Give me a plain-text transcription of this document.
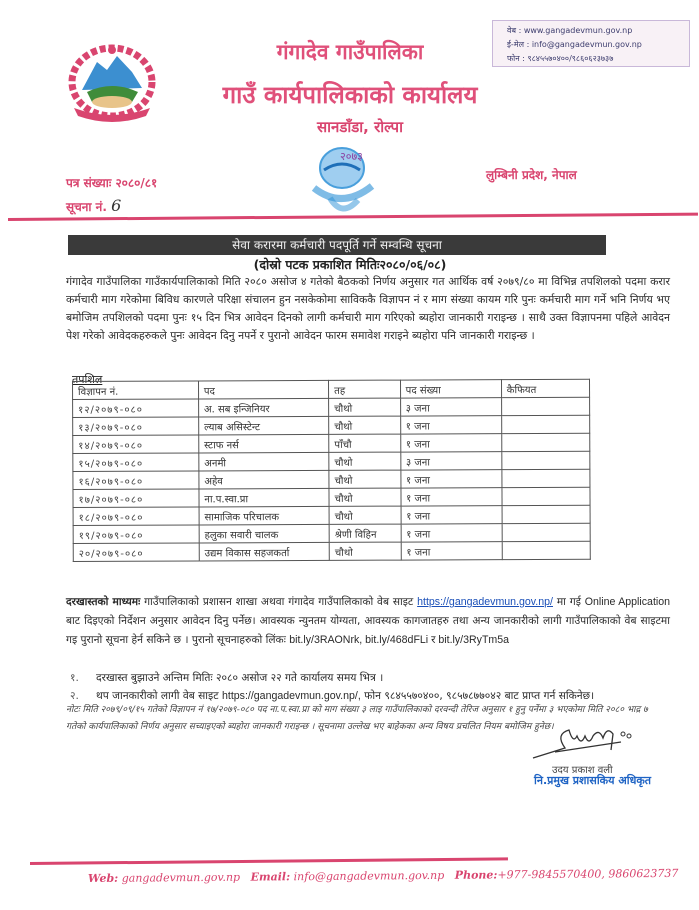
गंगादेव गाउँपालिका
गाउँ कार्यपालिकाको कार्यालय
सानडाँडा, रोल्पा
वेब : www.gangadevmun.gov.np
ई-मेल : info@gangadevmun.gov.np
फोन : ९८४५५७०४००/९८६०६२३७३७
२०७३
लुम्बिनी प्रदेश, नेपाल
पत्र संख्याः २०८०/८१
सूचना नं. 6
सेवा करारमा कर्मचारी पदपूर्ति गर्ने सम्वन्धि सूचना
(दोस्रो पटक प्रकाशित मितिः२०८०/०६/०८)
गंगादेव गाउँपालिका गाउँकार्यपालिकाको मिति २०८० असोज ४ गतेको बैठकको निर्णय अनुसार गत आर्थिक वर्ष २०७९/८० मा विभिन्न तपशिलको पदमा करार कर्मचारी माग गरेकोमा बिविध कारणले परिक्षा संचालन हुन नसकेकोमा साविककै विज्ञापन नं र माग संख्या कायम गरि पुनः कर्मचारी माग गर्ने भनि निर्णय भए बमोजिम तपशिलको पदमा पुनः १५ दिन भित्र आवेदन दिनको लागी कर्मचारी माग गरिएको ब्यहोरा जानकारी गराइन्छ । साथै उक्त विज्ञापनमा पहिले आवेदन पेश गरेको आवेदकहरुकले पुनः आवेदन दिनु नपर्ने र पुरानो आवेदन फारम समावेश गराइने ब्यहोरा पनि जानकारी गराइन्छ ।
तपशिल
विज्ञापन नं.	पद	तह	पद संख्या	कैफियत
१२/२०७९-०८०	अ. सब इन्जिनियर	चौथो	३ जना	
१३/२०७९-०८०	ल्याब असिस्टेन्ट	चौथो	१ जना	
१४/२०७९-०८०	स्टाफ नर्स	पाँचौ	१ जना	
१५/२०७९-०८०	अनमी	चौथो	३ जना	
१६/२०७९-०८०	अहेव	चौथो	१ जना	
१७/२०७९-०८०	ना.प.स्वा.प्रा	चौथो	१ जना	
१८/२०७९-०८०	सामाजिक परिचालक	चौथो	१ जना	
१९/२०७९-०८०	हलुका सवारी चालक	श्रेणी विहिन	१ जना	
२०/२०७९-०८०	उद्यम विकास सहजकर्ता	चौथो	१ जना	
दरखास्तको माध्यमः गाउँपालिकाको प्रशासन शाखा अथवा गंगादेव गाउँपालिकाको वेब साइट https://gangadevmun.gov.np/ मा गई Online Application बाट दिइएको निर्देशन अनुसार आवेदन दिनु पर्नेछ। आवस्यक न्युनतम योग्यता, आवस्यक कागजातहरु तथा अन्य जानकारीको लागी गाउँपालिकाको वेब साइटमा गइ पुरानो सूचना हेर्न सकिने छ । पुरानो सूचनाहरुको लिंकः bit.ly/3RAONrk, bit.ly/468dFLi र bit.ly/3RyTm5a
१.	दरखास्त बुझाउने अन्तिम मितिः २०८० असोज २२ गते कार्यालय समय भित्र ।
२.	थप जानकारीको लागी वेब साइट https://gangadevmun.gov.np/, फोन ९८४५५७०४००, ९८५७८७७०४२ बाट प्राप्त गर्न सकिनेछ।
नोटः मिति २०७९/०९/१५ गतेको विज्ञापन नं १७/२०७९-०८० पद ना.प.स्वा.प्रा को माग संख्या ३ लाइ गाउँपालिकाको दरवन्दी तेरिज अनुसार १ हुनु पर्नेमा ३ भएकोमा मिति २०८० भाद्र ७ गतेको कार्यपालिकाको निर्णय अनुसार सच्याइएको ब्यहोरा जानकारी गराइन्छ । सूचनामा उल्लेख भए बाहेकका अन्य विषय प्रचलित नियम बमोजिम हुनेछ।
उदय प्रकाश वली
नि.प्रमुख प्रशासकिय अधिकृत
Web: gangadevmun.gov.np Email: info@gangadevmun.gov.np Phone:+977-9845570400, 9860623737
